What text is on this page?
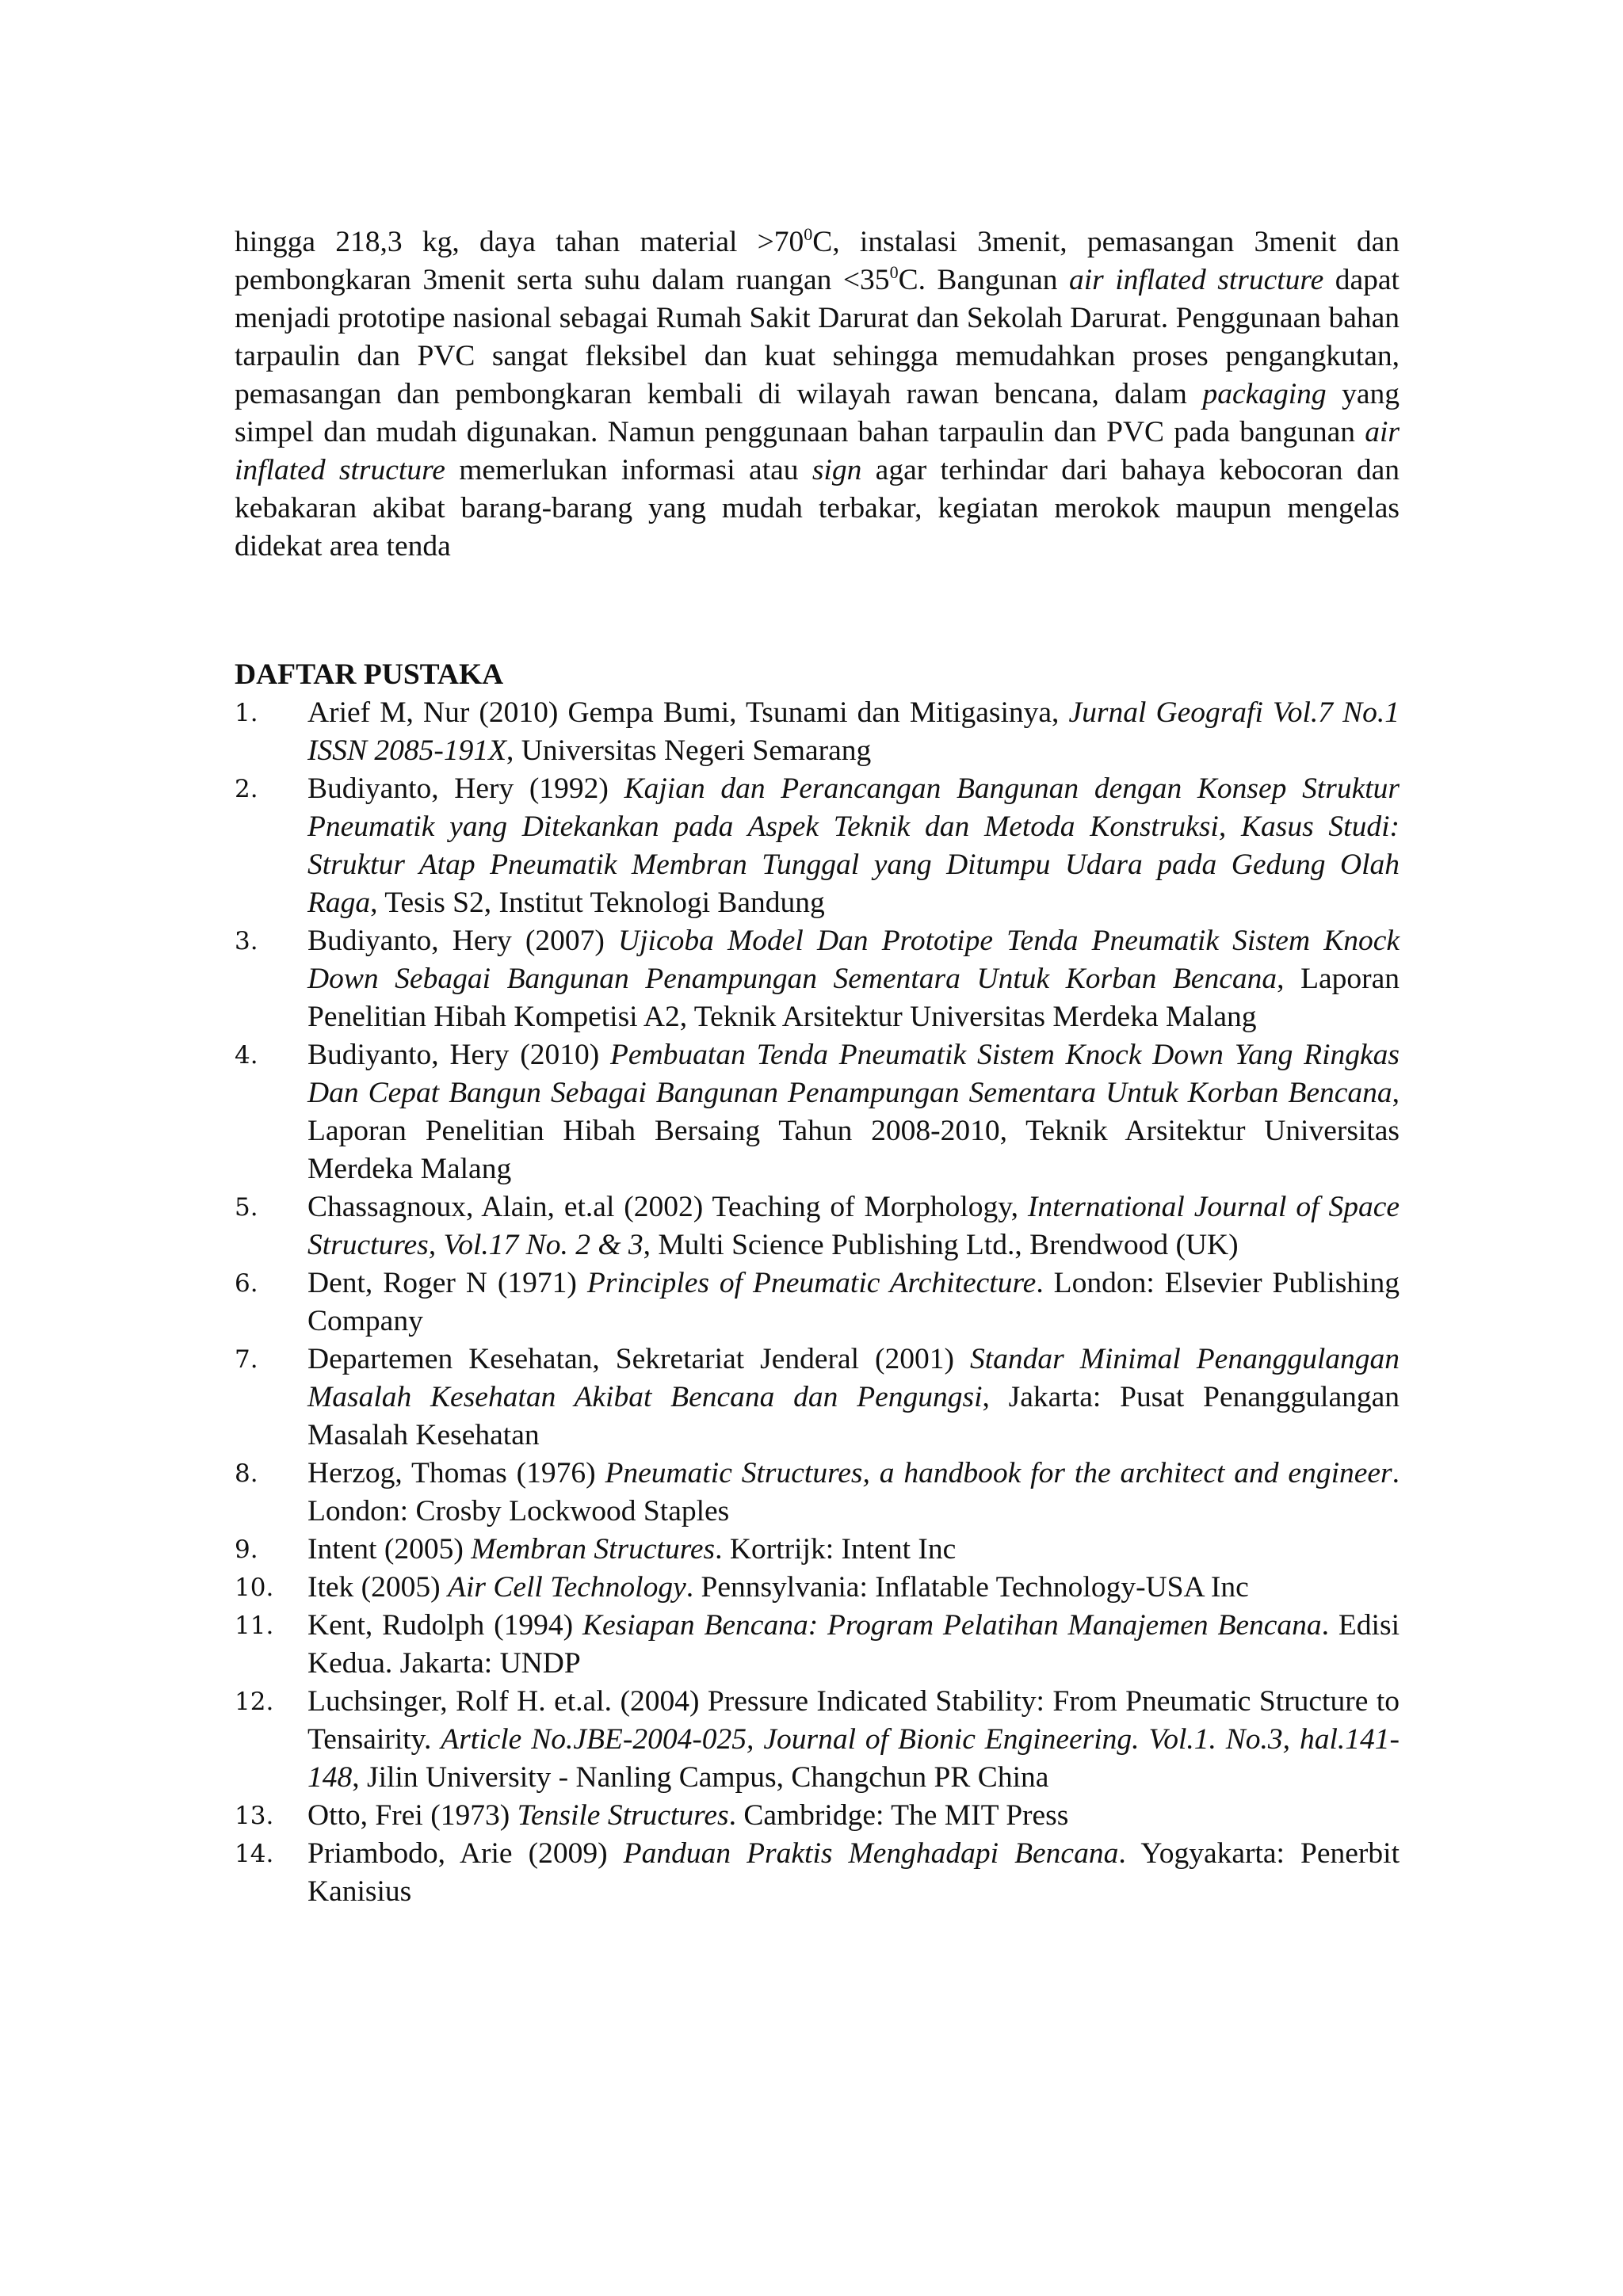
hingga 218,3 kg, daya tahan material $>70^0C$, instalasi 3menit, pemasangan 3menit dan pembongkaran 3menit serta suhu dalam ruangan $<35^0C$. Bangunan air inflated structure dapat menjadi prototipe nasional sebagai Rumah Sakit Darurat dan Sekolah Darurat. Penggunaan bahan tarpaulin dan PVC sangat fleksibel dan kuat sehingga memudahkan proses pengangkutan, pemasangan dan pembongkaran kembali di wilayah rawan bencana, dalam packaging yang simpel dan mudah digunakan. Namun penggunaan bahan tarpaulin dan PVC pada bangunan air inflated structure memerlukan informasi atau sign agar terhindar dari bahaya kebocoran dan kebakaran akibat barang-barang yang mudah terbakar, kegiatan merokok maupun mengelas didekat area tenda

DAFTAR PUSTAKA
1.	Arief M, Nur (2010) Gempa Bumi, Tsunami dan Mitigasinya, Jurnal Geografi Vol.7 No.1 ISSN 2085-191X, Universitas Negeri Semarang
2.	Budiyanto, Hery (1992) Kajian dan Perancangan Bangunan dengan Konsep Struktur Pneumatik yang Ditekankan pada Aspek Teknik dan Metoda Konstruksi, Kasus Studi: Struktur Atap Pneumatik Membran Tunggal yang Ditumpu Udara pada Gedung Olah Raga, Tesis S2, Institut Teknologi Bandung
3.	Budiyanto, Hery (2007) Ujicoba Model Dan Prototipe Tenda Pneumatik Sistem Knock Down Sebagai Bangunan Penampungan Sementara Untuk Korban Bencana, Laporan Penelitian Hibah Kompetisi A2, Teknik Arsitektur Universitas Merdeka Malang
4.	Budiyanto, Hery (2010) Pembuatan Tenda Pneumatik Sistem Knock Down Yang Ringkas Dan Cepat Bangun Sebagai Bangunan Penampungan Sementara Untuk Korban Bencana, Laporan Penelitian Hibah Bersaing Tahun 2008-2010, Teknik Arsitektur Universitas Merdeka Malang
5.	Chassagnoux, Alain, et.al (2002) Teaching of Morphology, International Journal of Space Structures, Vol.17 No. 2 & 3, Multi Science Publishing Ltd., Brendwood (UK)
6.	Dent, Roger N (1971) Principles of Pneumatic Architecture. London: Elsevier Publishing Company
7.	Departemen Kesehatan, Sekretariat Jenderal (2001) Standar Minimal Penanggulangan Masalah Kesehatan Akibat Bencana dan Pengungsi, Jakarta: Pusat Penanggulangan Masalah Kesehatan
8.	Herzog, Thomas (1976) Pneumatic Structures, a handbook for the architect and engineer. London: Crosby Lockwood Staples
9.	Intent (2005) Membran Structures. Kortrijk: Intent Inc
10. Itek (2005) Air Cell Technology. Pennsylvania: Inflatable Technology-USA Inc
11. Kent, Rudolph (1994) Kesiapan Bencana: Program Pelatihan Manajemen Bencana. Edisi Kedua. Jakarta: UNDP
12. Luchsinger, Rolf H. et.al. (2004) Pressure Indicated Stability: From Pneumatic Structure to Tensairity. Article No.JBE-2004-025, Journal of Bionic Engineering. Vol.1. No.3, hal.141-148, Jilin University - Nanling Campus, Changchun PR China
13. Otto, Frei (1973) Tensile Structures. Cambridge: The MIT Press
14. Priambodo, Arie (2009) Panduan Praktis Menghadapi Bencana. Yogyakarta: Penerbit Kanisius
